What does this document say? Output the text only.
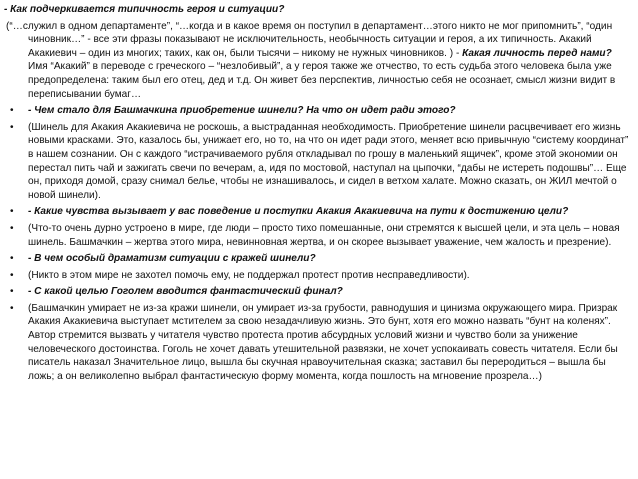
- Как подчеркивается типичность героя и ситуации?

(“…служил в одном департаменте”, “…когда и в какое время он поступил в департамент…этого никто не мог припомнить”, “один чиновник…” - все эти фразы показывают не исключительность, необычность ситуации и героя, а их типичность. Акакий Акакиевич – один из многих; таких, как он, были тысячи – никому не нужных чиновников. ) - Какая личность перед нами? Имя “Акакий” в переводе с греческого – “незлобивый”, а у героя также же отчество, то есть судьба этого человека была уже предопределена: таким был его отец, дед и т.д. Он живет без перспектив, личностью себя не осознает, смысл жизни видит в переписывании бумаг…

• - Чем стало для Башмачкина приобретение шинели? На что он идет ради этого?
• (Шинель для Акакия Акакиевича не роскошь, а выстраданная необходимость. Приобретение шинели расцвечивает его жизнь новыми красками. Это, казалось бы, унижает его, но то, на что он идет ради этого, меняет всю привычную “систему координат” в нашем сознании. Он с каждого “истрачиваемого рубля откладывал по грошу в маленький ящичек”, кроме этой экономии он перестал пить чай и зажигать свечи по вечерам, а, идя по мостовой, наступал на цыпочки, “дабы не истереть подошвы”… Еще он, приходя домой, сразу снимал белье, чтобы не изнашивалось, и сидел в ветхом халате. Можно сказать, он ЖИЛ мечтой о новой шинели).
• - Какие чувства вызывает у вас поведение и поступки Акакия Акакиевича на пути к достижению цели?
• (Что-то очень дурно устроено в мире, где люди – просто тихо помешанные, они стремятся к высшей цели, и эта цель – новая шинель. Башмачкин – жертва этого мира, невинновная жертва, и он скорее вызывает уважение, чем жалость и презрение).
• - В чем особый драматизм ситуации с кражей шинели?
• (Никто в этом мире не захотел помочь ему, не поддержал протест против несправедливости).
• - С какой целью Гоголем вводится фантастический финал?
• (Башмачкин умирает не из-за кражи шинели, он умирает из-за грубости, равнодушия и цинизма окружающего мира. Призрак Акакия Акакиевича выступает мстителем за свою незадачливую жизнь. Это бунт, хотя его можно назвать “бунт на коленях”. Автор стремится вызвать у читателя чувство протеста против абсурдных условий жизни и чувство боли за унижение человеческого достоинства. Гоголь не хочет давать утешительной развязки, не хочет успокаивать совесть читателя. Если бы писатель наказал Значительное лицо, вышла бы скучная нравоучительная сказка; заставил бы переродиться – вышла бы ложь; а он великолепно выбрал фантастическую форму момента, когда пошлость на мгновение прозрела…)
